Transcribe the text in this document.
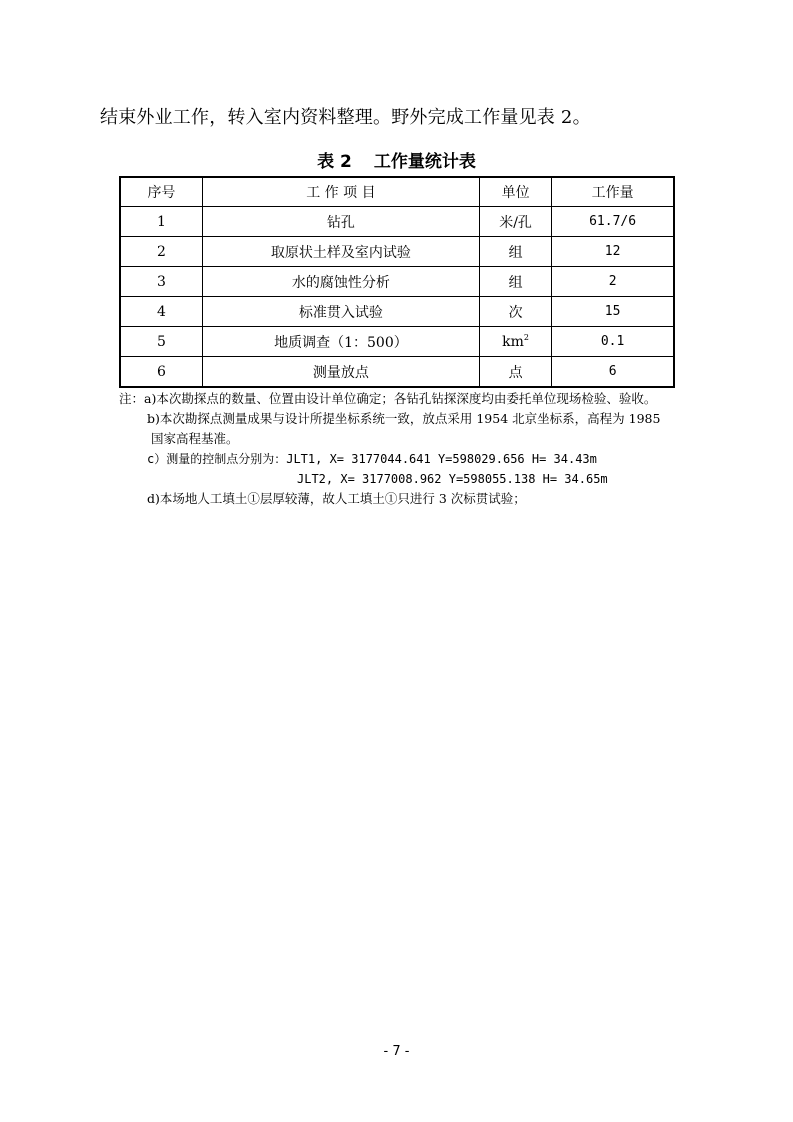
结束外业工作，转入室内资料整理。野外完成工作量见表 2。
表 2 工作量统计表
序号	工 作 项 目	单位	工作量
1	钻孔	米/孔	61.7/6
2	取原状土样及室内试验	组	12
3	水的腐蚀性分析	组	2
4	标准贯入试验	次	15
5	地质调查（1：500）	$km^2$	0.1
6	测量放点	点	6
注：a)本次勘探点的数量、位置由设计单位确定；各钻孔钻探深度均由委托单位现场检验、验收。
b)本次勘探点测量成果与设计所提坐标系统一致，放点采用 1954 北京坐标系，高程为 1985
国家高程基准。
c）测量的控制点分别为：JLT1, X= 3177044.641 Y=598029.656 H= 34.43m
JLT2, X= 3177008.962 Y=598055.138 H= 34.65m
d)本场地人工填土①层厚较薄，故人工填土①只进行 3 次标贯试验；
- 7 -
